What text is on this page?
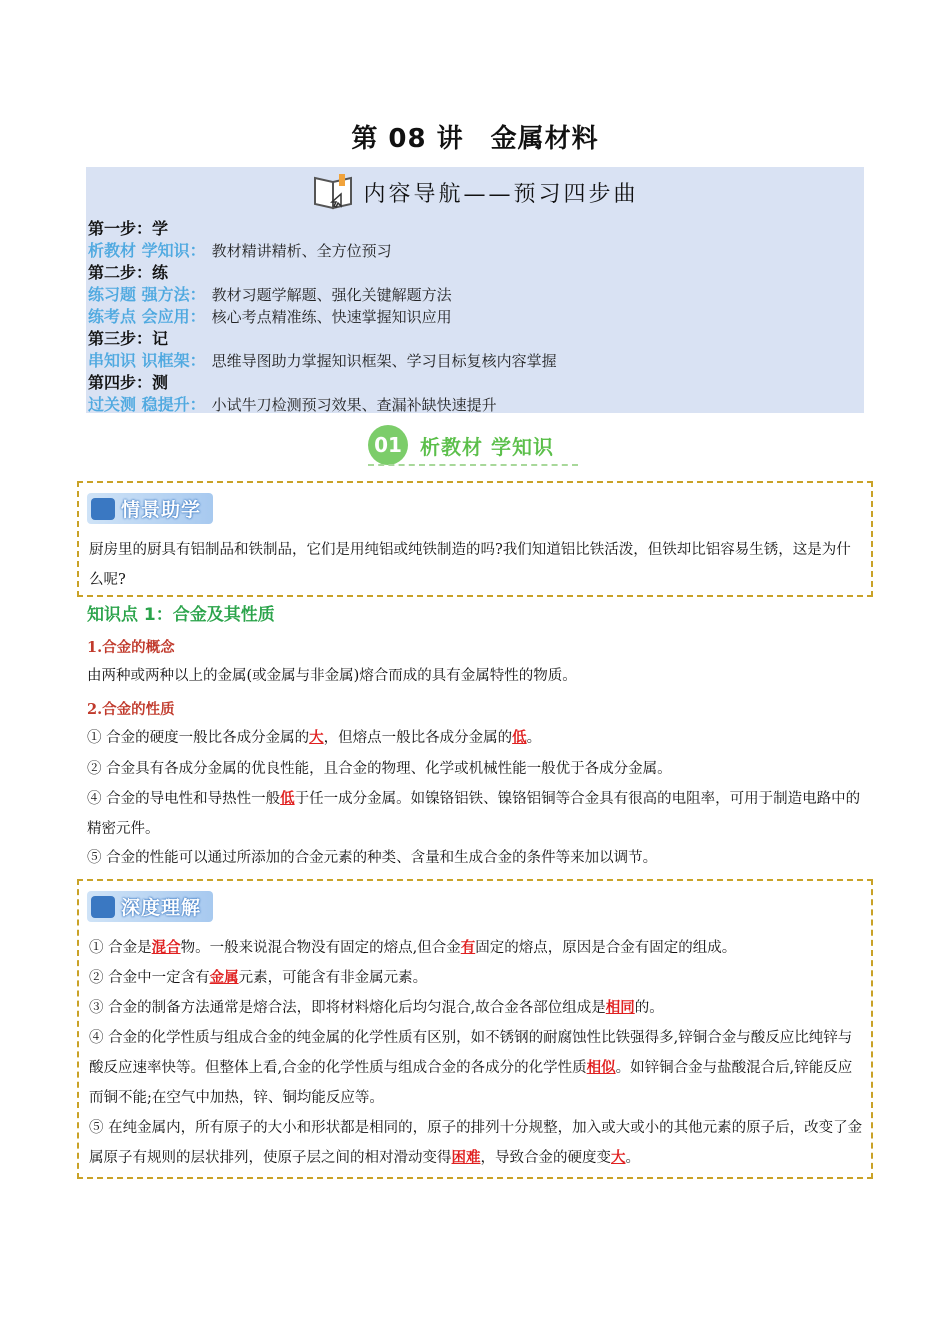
第 08 讲　金属材料
内容导航——预习四步曲
第一步：学
析教材 学知识： 教材精讲精析、全方位预习
第二步：练
练习题 强方法： 教材习题学解题、强化关键解题方法
练考点 会应用： 核心考点精准练、快速掌握知识应用
第三步：记
串知识 识框架： 思维导图助力掌握知识框架、学习目标复核内容掌握
第四步：测
过关测 稳提升： 小试牛刀检测预习效果、查漏补缺快速提升
01 析教材 学知识
情景助学
厨房里的厨具有铝制品和铁制品，它们是用纯铝或纯铁制造的吗?我们知道铝比铁活泼，但铁却比铝容易生锈，这是为什么呢?
知识点 1：合金及其性质
1.合金的概念
由两种或两种以上的金属(或金属与非金属)熔合而成的具有金属特性的物质。
2.合金的性质
① 合金的硬度一般比各成分金属的大，但熔点一般比各成分金属的低。
② 合金具有各成分金属的优良性能，且合金的物理、化学或机械性能一般优于各成分金属。
④ 合金的导电性和导热性一般低于任一成分金属。如镍铬铝铁、镍铬铝铜等合金具有很高的电阻率，可用于制造电路中的精密元件。
⑤ 合金的性能可以通过所添加的合金元素的种类、含量和生成合金的条件等来加以调节。
深度理解
① 合金是混合物。一般来说混合物没有固定的熔点,但合金有固定的熔点，原因是合金有固定的组成。
② 合金中一定含有金属元素，可能含有非金属元素。
③ 合金的制备方法通常是熔合法，即将材料熔化后均匀混合,故合金各部位组成是相同的。
④ 合金的化学性质与组成合金的纯金属的化学性质有区别，如不锈钢的耐腐蚀性比铁强得多,锌铜合金与酸反应比纯锌与酸反应速率快等。但整体上看,合金的化学性质与组成合金的各成分的化学性质相似。如锌铜合金与盐酸混合后,锌能反应而铜不能;在空气中加热，锌、铜均能反应等。
⑤ 在纯金属内，所有原子的大小和形状都是相同的，原子的排列十分规整，加入或大或小的其他元素的原子后，改变了金属原子有规则的层状排列，使原子层之间的相对滑动变得困难，导致合金的硬度变大。
